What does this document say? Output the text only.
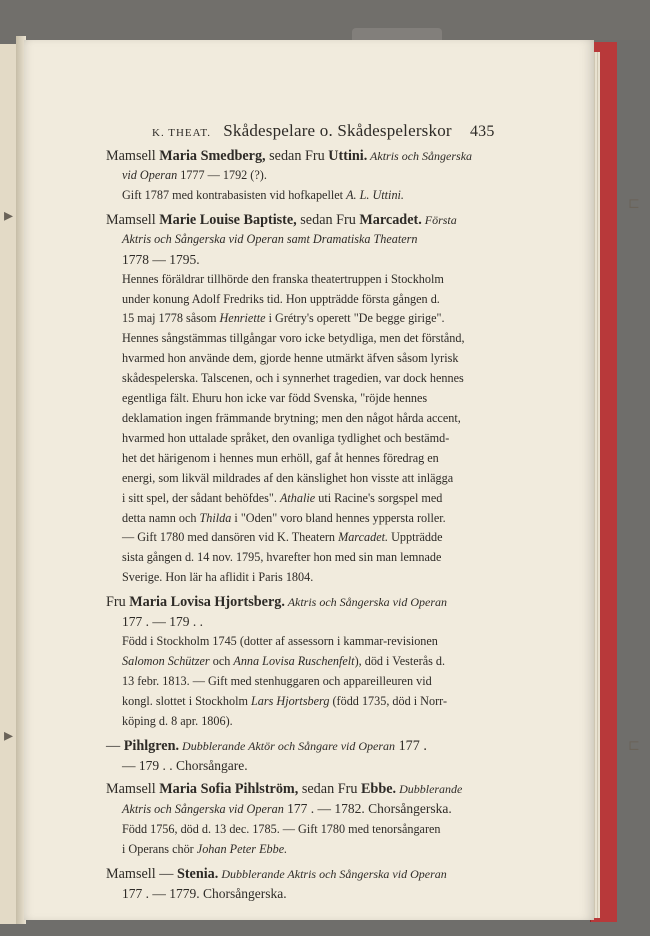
▸
▸
⊏
⊏
K. THEAT. Skådespelare o. Skådespelerskor 435
Mamsell Maria Smedberg, sedan Fru Uttini. Aktris och Sångerska
vid Operan 1777 — 1792 (?).
Gift 1787 med kontrabasisten vid hofkapellet A. L. Uttini.
Mamsell Marie Louise Baptiste, sedan Fru Marcadet. Första
Aktris och Sångerska vid Operan samt Dramatiska Theatern
1778 — 1795.
Hennes föräldrar tillhörde den franska theatertruppen i Stockholm
under konung Adolf Fredriks tid. Hon uppträdde första gången d.
15 maj 1778 såsom Henriette i Grétry's operett "De begge girige".
Hennes sångstämmas tillgångar voro icke betydliga, men det förstånd,
hvarmed hon använde dem, gjorde henne utmärkt äfven såsom lyrisk
skådespelerska. Talscenen, och i synnerhet tragedien, var dock hennes
egentliga fält. Ehuru hon icke var född Svenska, "röjde hennes
deklamation ingen främmande brytning; men den något hårda accent,
hvarmed hon uttalade språket, den ovanliga tydlighet och bestämd-
het det härigenom i hennes mun erhöll, gaf åt hennes föredrag en
energi, som likväl mildrades af den känslighet hon visste att inlägga
i sitt spel, der sådant behöfdes". Athalie uti Racine's sorgspel med
detta namn och Thilda i "Oden" voro bland hennes yppersta roller.
— Gift 1780 med dansören vid K. Theatern Marcadet. Uppträdde
sista gången d. 14 nov. 1795, hvarefter hon med sin man lemnade
Sverige. Hon lär ha aflidit i Paris 1804.
Fru Maria Lovisa Hjortsberg. Aktris och Sångerska vid Operan
177 . — 179 . .
Född i Stockholm 1745 (dotter af assessorn i kammar-revisionen
Salomon Schützer och Anna Lovisa Ruschenfelt), död i Vesterås d.
13 febr. 1813. — Gift med stenhuggaren och appareilleuren vid
kongl. slottet i Stockholm Lars Hjortsberg (född 1735, död i Norr-
köping d. 8 apr. 1806).
— Pihlgren. Dubblerande Aktör och Sångare vid Operan 177 .
— 179 . . Chorsångare.
Mamsell Maria Sofia Pihlström, sedan Fru Ebbe. Dubblerande
Aktris och Sångerska vid Operan 177 . — 1782. Chorsångerska.
Född 1756, död d. 13 dec. 1785. — Gift 1780 med tenorsångaren
i Operans chör Johan Peter Ebbe.
Mamsell — Stenia. Dubblerande Aktris och Sångerska vid Operan
177 . — 1779. Chorsångerska.
